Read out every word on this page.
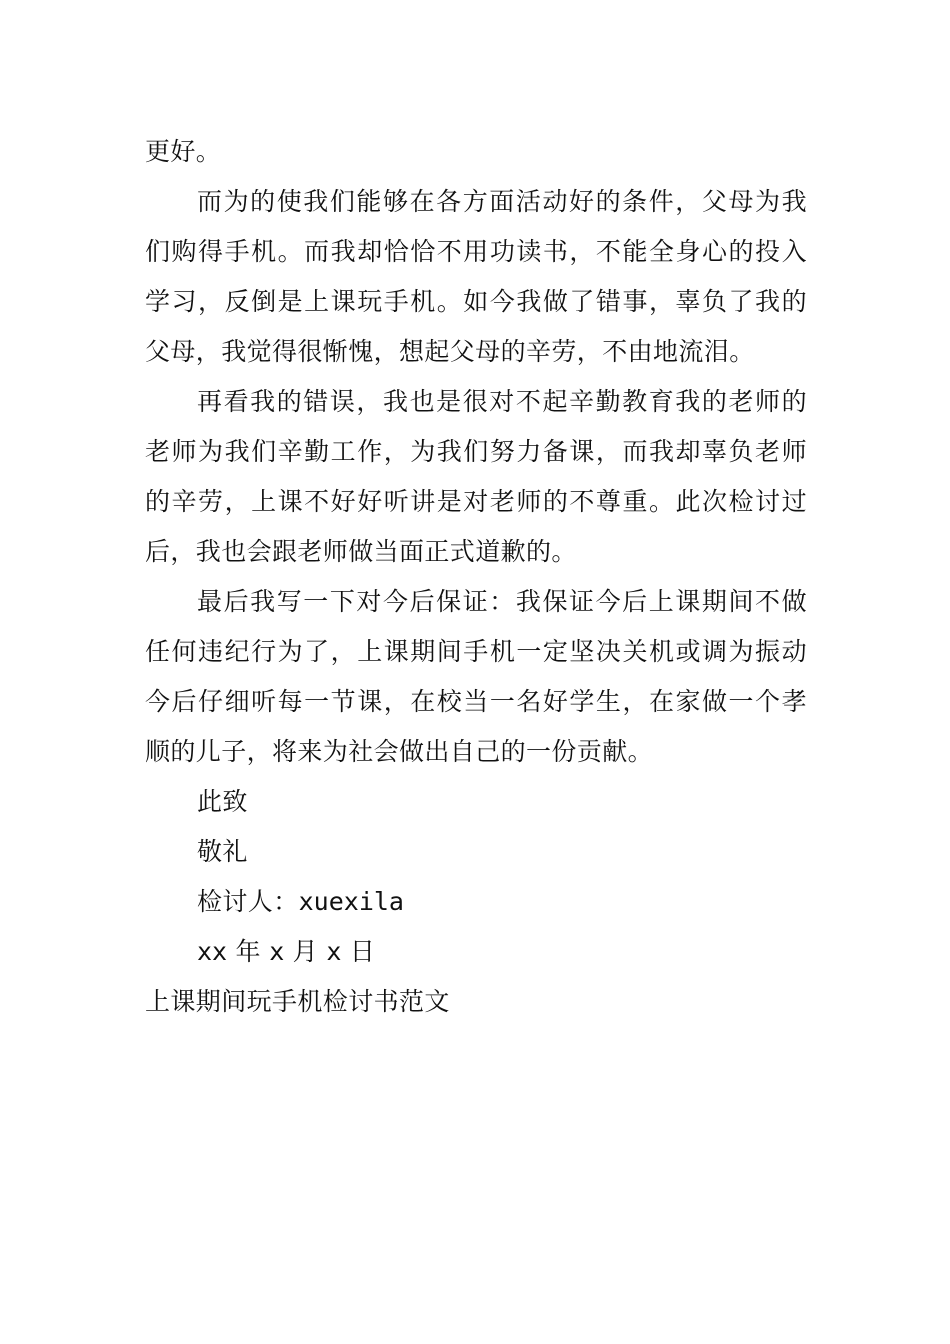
更好。
而为的使我们能够在各方面活动好的条件，父母为我
们购得手机。而我却恰恰不用功读书，不能全身心的投入
学习，反倒是上课玩手机。如今我做了错事，辜负了我的
父母，我觉得很惭愧，想起父母的辛劳，不由地流泪。
再看我的错误，我也是很对不起辛勤教育我的老师的
老师为我们辛勤工作，为我们努力备课，而我却辜负老师
的辛劳，上课不好好听讲是对老师的不尊重。此次检讨过
后，我也会跟老师做当面正式道歉的。
最后我写一下对今后保证：我保证今后上课期间不做
任何违纪行为了，上课期间手机一定坚决关机或调为振动
今后仔细听每一节课，在校当一名好学生，在家做一个孝
顺的儿子，将来为社会做出自己的一份贡献。
此致
敬礼
检讨人：xuexila
xx 年 x 月 x 日
上课期间玩手机检讨书范文
